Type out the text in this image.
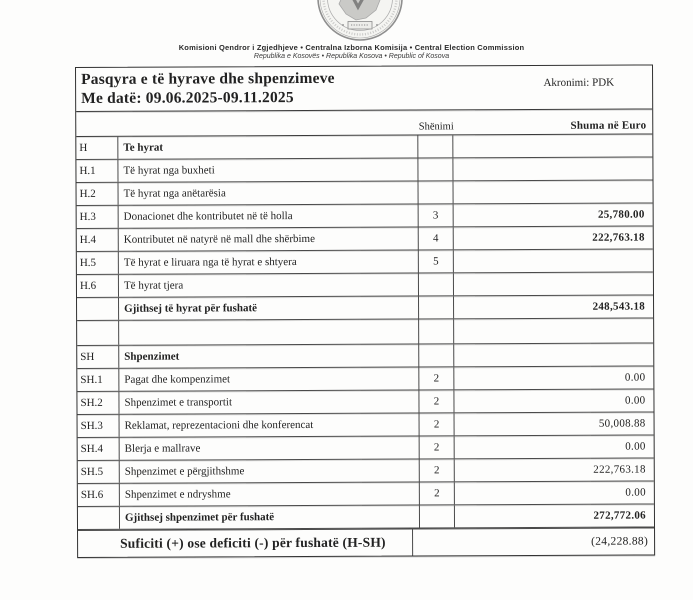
Komisioni Qendror i Zgjedhjeve • Centralna Izborna Komisija • Central Election Commission
Republika e Kosovës • Republika Kosova • Republic of Kosova
Pasqyra e të hyrave dhe shpenzimeve
Me datë: 09.06.2025-09.11.2025
Akronimi: PDK
Shënimi	Shuma në Euro
H	Te hyrat
H.1	Të hyrat nga buxheti
H.2	Të hyrat nga anëtarësia
H.3	Donacionet dhe kontributet në të holla	3	25,780.00
H.4	Kontributet në natyrë në mall dhe shërbime	4	222,763.18
H.5	Të hyrat e liruara nga të hyrat e shtyera	5
H.6	Të hyrat tjera
Gjithsej të hyrat për fushatë	248,543.18
SH	Shpenzimet
SH.1	Pagat dhe kompenzimet	2	0.00
SH.2	Shpenzimet e transportit	2	0.00
SH.3	Reklamat, reprezentacioni dhe konferencat	2	50,008.88
SH.4	Blerja e mallrave	2	0.00
SH.5	Shpenzimet e përgjithshme	2	222,763.18
SH.6	Shpenzimet e ndryshme	2	0.00
Gjithsej shpenzimet për fushatë	272,772.06
Suficiti (+) ose deficiti (-) për fushatë (H-SH)	(24,228.88)
